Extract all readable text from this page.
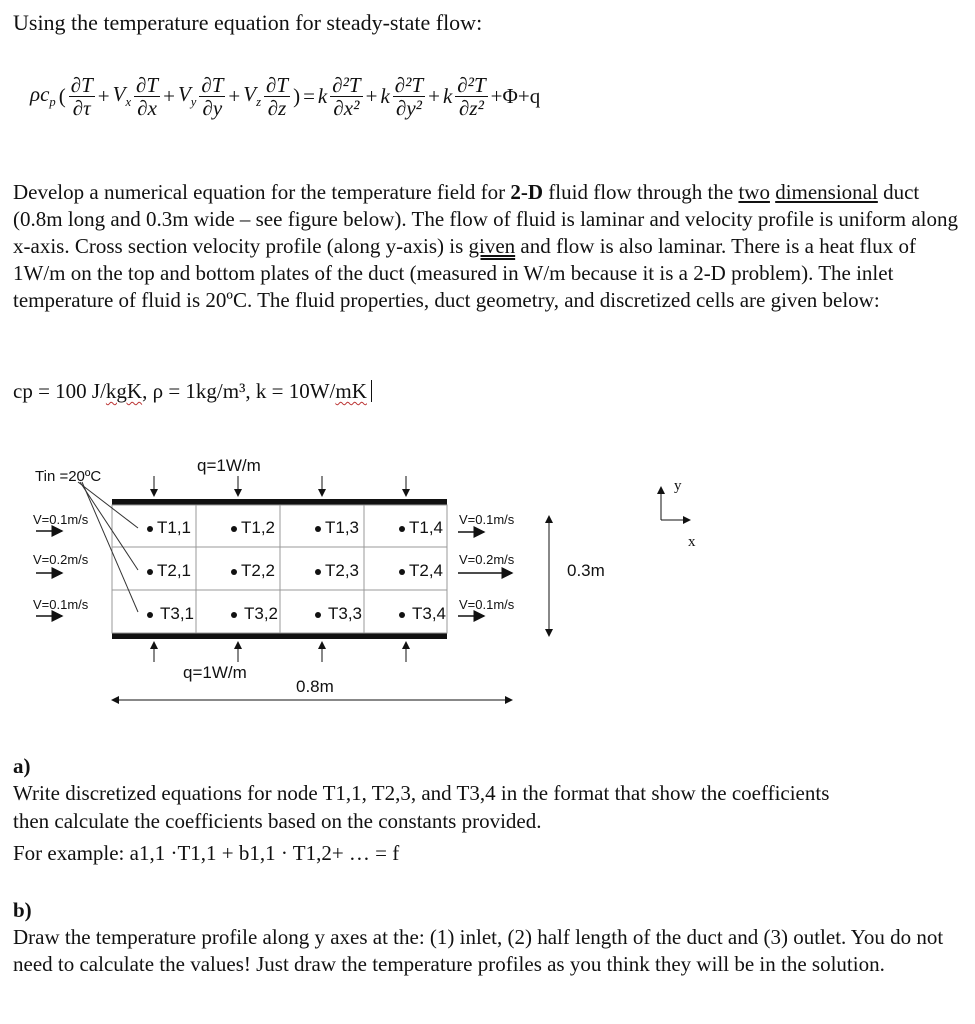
Using the temperature equation for steady-state flow:
$\rho c_p$ ( $\frac{\partial T}{\partial\tau} + V_x \frac{\partial T}{\partial x} + V_y \frac{\partial T}{\partial y} + V_z \frac{\partial T}{\partial z}$ ) = k $\frac{\text{∂²T}}{\text{∂x²}} + k \frac{\text{∂²T}}{\text{∂y²}} + k \frac{\text{∂²T}}{\text{∂z²}} +\Phi+q$
Develop a numerical equation for the temperature field for 2-D fluid flow through the two dimensional duct (0.8m long and 0.3m wide – see figure below). The flow of fluid is laminar and velocity profile is uniform along x-axis. Cross section velocity profile (along y-axis) is given and flow is also laminar. There is a heat flux of 1W/m on the top and bottom plates of the duct (measured in W/m because it is a 2-D problem). The inlet temperature of fluid is 20ºC. The fluid properties, duct geometry, and discretized cells are given below:
cp = 100 J/kgK, ρ = 1kg/m³, k = 10W/mK
Tin =20ºC
q=1W/m
q=1W/m
0.8m
0.3m
y
x
V=0.1m/s
V=0.2m/s
V=0.1m/s
V=0.1m/s
V=0.2m/s
V=0.1m/s
T1,1	T1,2	T1,3	T1,4
T2,1	T2,2	T2,3	T2,4
T3,1	T3,2	T3,3	T3,4
a)
Write discretized equations for node T1,1, T2,3, and T3,4 in the format that show the coefficients
then calculate the coefficients based on the constants provided.
For example: a1,1 ·T1,1 + b1,1 · T1,2+ … = f
b)
Draw the temperature profile along y axes at the: (1) inlet, (2) half length of the duct and (3) outlet. You do not need to calculate the values! Just draw the temperature profiles as you think they will be in the solution.
